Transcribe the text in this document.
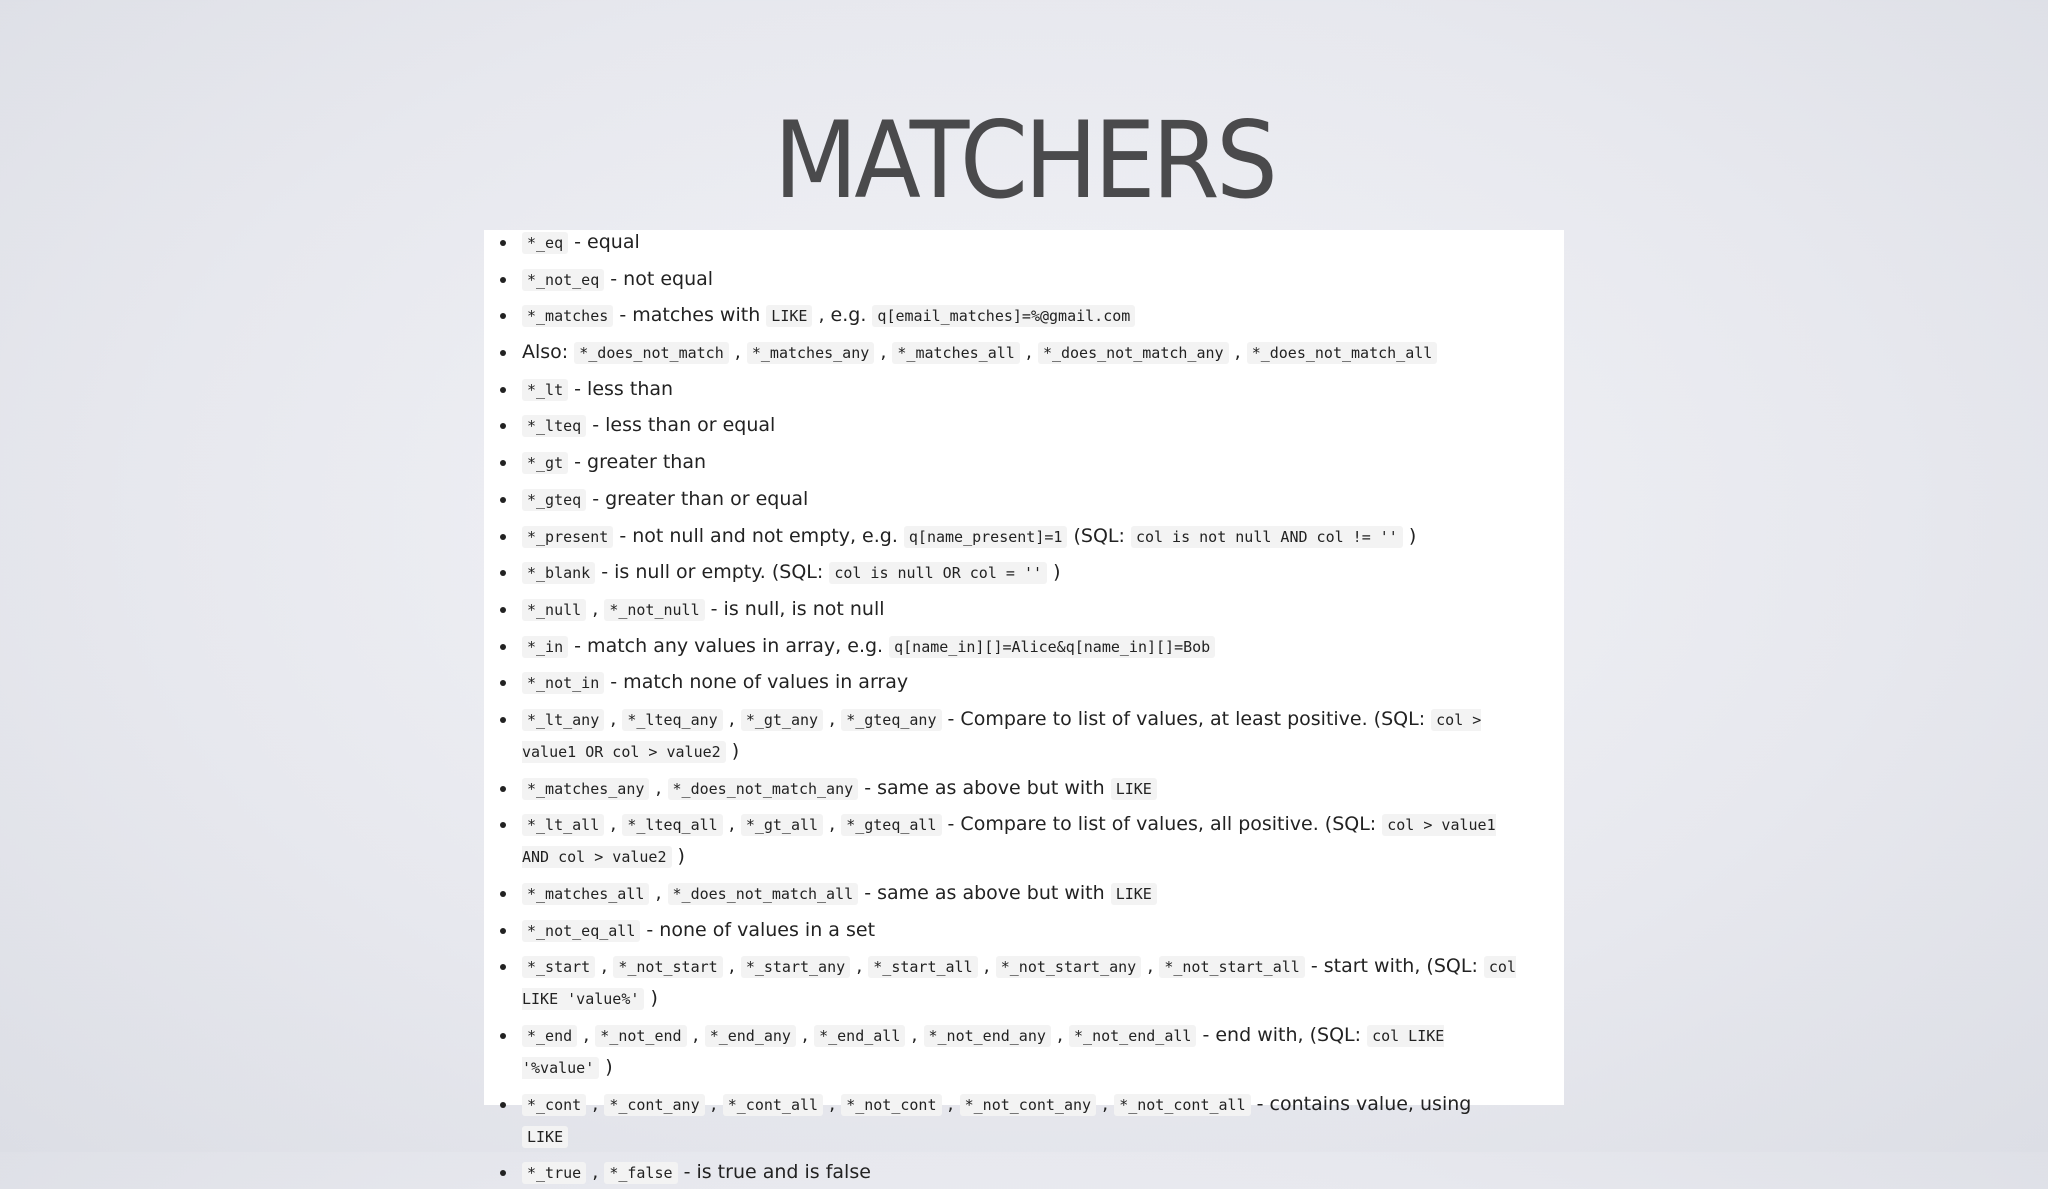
MATCHERS
*_eq - equal
*_not_eq - not equal
*_matches - matches with LIKE , e.g. q[email_matches]=%@gmail.com
Also: *_does_not_match , *_matches_any , *_matches_all , *_does_not_match_any , *_does_not_match_all
*_lt - less than
*_lteq - less than or equal
*_gt - greater than
*_gteq - greater than or equal
*_present - not null and not empty, e.g. q[name_present]=1 (SQL: col is not null AND col != '' )
*_blank - is null or empty. (SQL: col is null OR col = '' )
*_null , *_not_null - is null, is not null
*_in - match any values in array, e.g. q[name_in][]=Alice&q[name_in][]=Bob
*_not_in - match none of values in array
*_lt_any , *_lteq_any , *_gt_any , *_gteq_any - Compare to list of values, at least positive. (SQL: col > value1 OR col > value2 )
*_matches_any , *_does_not_match_any - same as above but with LIKE
*_lt_all , *_lteq_all , *_gt_all , *_gteq_all - Compare to list of values, all positive. (SQL: col > value1 AND col > value2 )
*_matches_all , *_does_not_match_all - same as above but with LIKE
*_not_eq_all - none of values in a set
*_start , *_not_start , *_start_any , *_start_all , *_not_start_any , *_not_start_all - start with, (SQL: col LIKE 'value%' )
*_end , *_not_end , *_end_any , *_end_all , *_not_end_any , *_not_end_all - end with, (SQL: col LIKE '%value' )
*_cont , *_cont_any , *_cont_all , *_not_cont , *_not_cont_any , *_not_cont_all - contains value, using LIKE
*_true , *_false - is true and is false
